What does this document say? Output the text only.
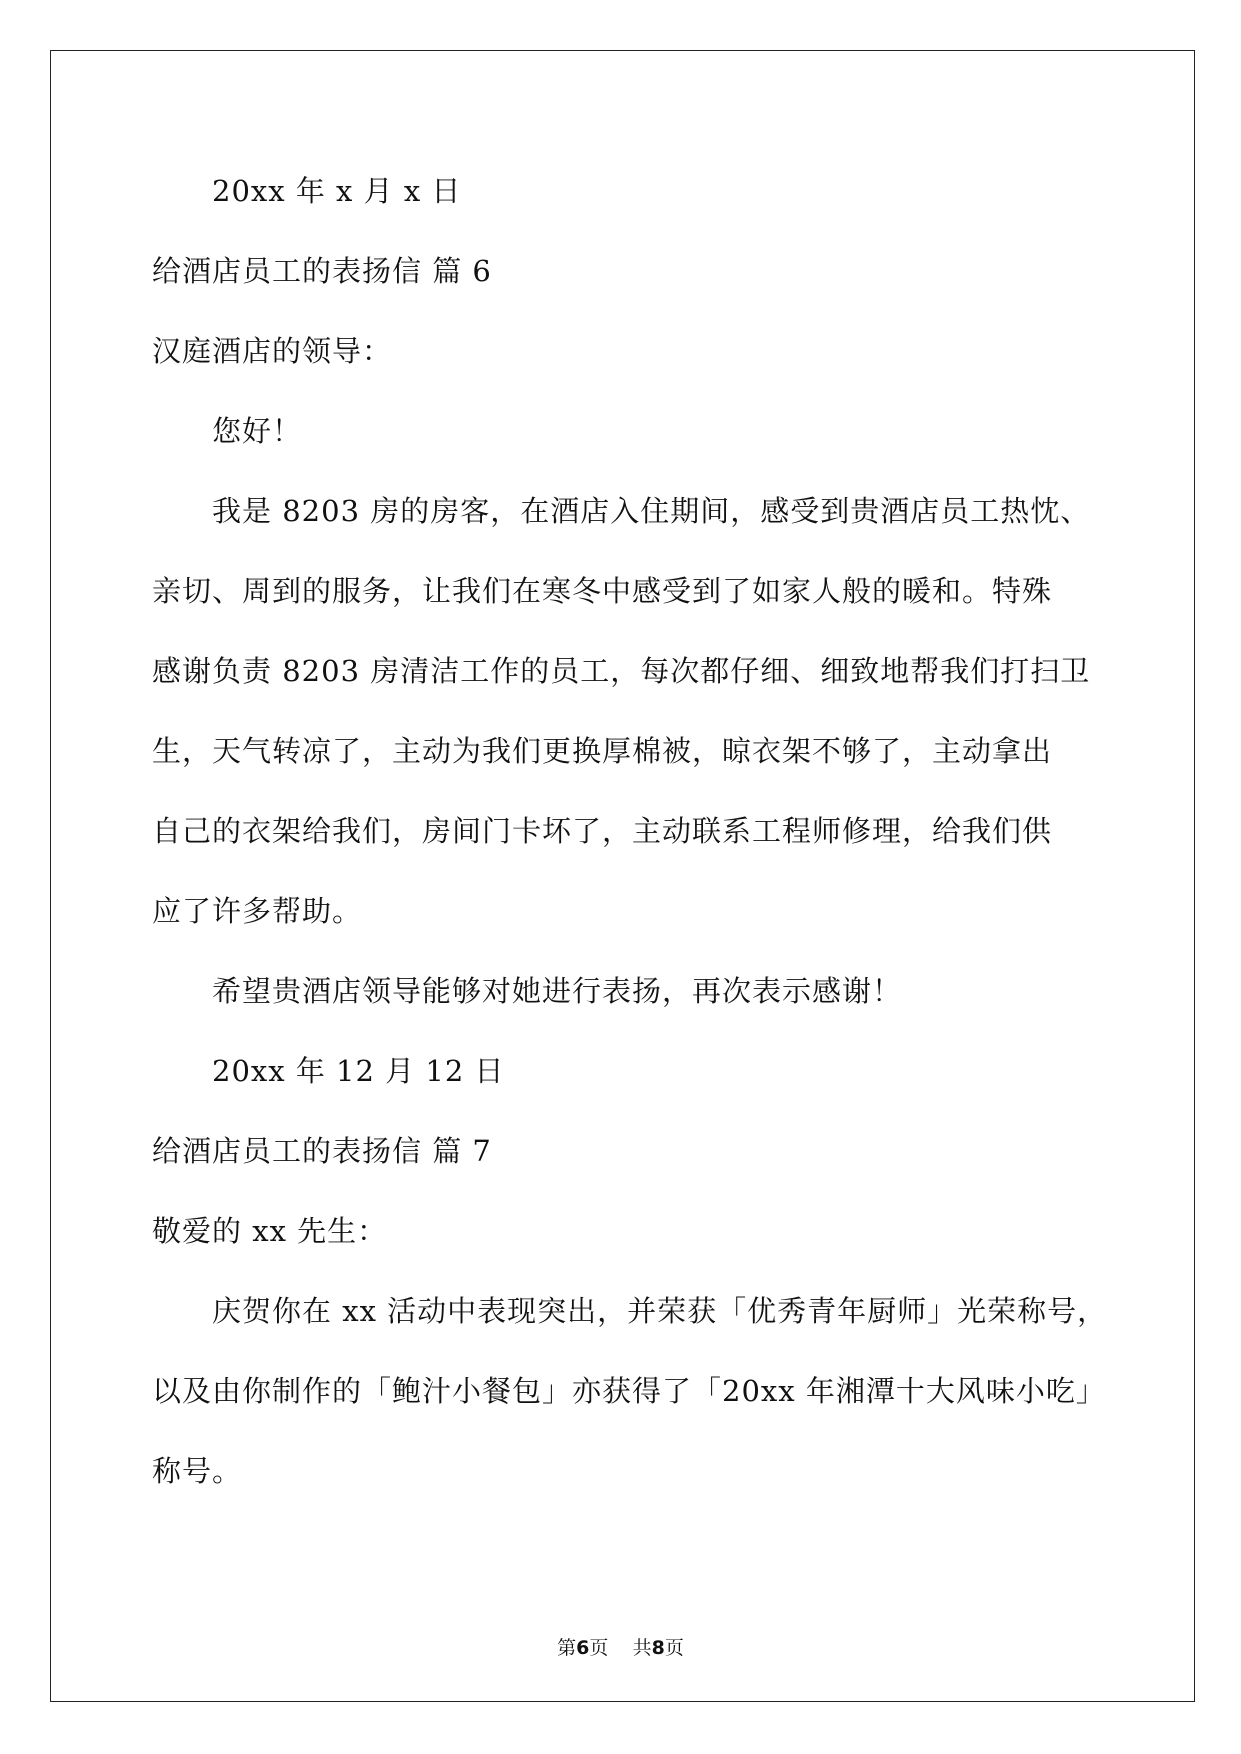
20xx 年 x 月 x 日

给酒店员工的表扬信 篇 6

汉庭酒店的领导：

您好！

我是 8203 房的房客，在酒店入住期间，感受到贵酒店员工热忱、

亲切、周到的服务，让我们在寒冬中感受到了如家人般的暖和。特殊

感谢负责 8203 房清洁工作的员工，每次都仔细、细致地帮我们打扫卫

生，天气转凉了，主动为我们更换厚棉被，晾衣架不够了，主动拿出

自己的衣架给我们，房间门卡坏了，主动联系工程师修理，给我们供

应了许多帮助。

希望贵酒店领导能够对她进行表扬，再次表示感谢！

20xx 年 12 月 12 日

给酒店员工的表扬信 篇 7

敬爱的 xx 先生：

庆贺你在 xx 活动中表现突出，并荣获「优秀青年厨师」光荣称号，

以及由你制作的「鲍汁小餐包」亦获得了「20xx 年湘潭十大风味小吃」

称号。

第6页    共8页
